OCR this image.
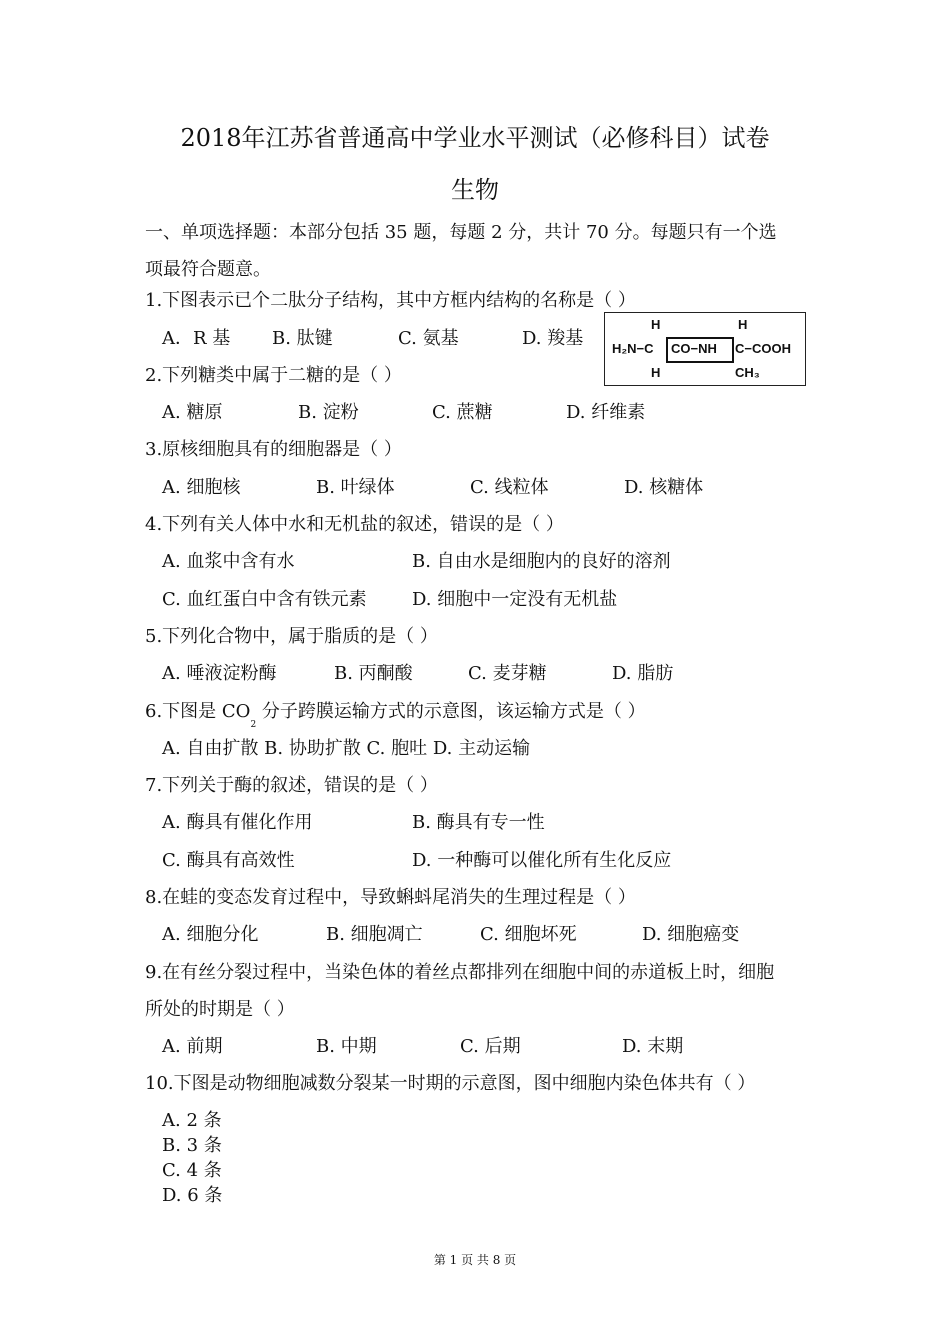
2018年江苏省普通高中学业水平测试（必修科目）试卷
生物
一、单项选择题：本部分包括 35 题，每题 2 分，共计 70 分。每题只有一个选
项最符合题意。
1.下图表示已个二肽分子结构，其中方框内结构的名称是（ ）
A．R 基 B. 肽键	C. 氨基	D. 羧基
H	H
H₂N−C CO−NH C−COOH
H	CH₃
2.下列糖类中属于二糖的是（ ）
A. 糖原	B. 淀粉	C. 蔗糖	D. 纤维素
3.原核细胞具有的细胞器是（ ）
A. 细胞核	B. 叶绿体	C. 线粒体	D. 核糖体
4.下列有关人体中水和无机盐的叙述，错误的是（ ）
A. 血浆中含有水	B. 自由水是细胞内的良好的溶剂
C. 血红蛋白中含有铁元素	D. 细胞中一定没有无机盐
5.下列化合物中，属于脂质的是（ ）
A. 唾液淀粉酶	B. 丙酮酸	C. 麦芽糖	D. 脂肪
6.下图是 $CO_2$ 分子跨膜运输方式的示意图，该运输方式是（ ）
A. 自由扩散 B. 协助扩散 C. 胞吐 D. 主动运输
7.下列关于酶的叙述，错误的是（ ）
A. 酶具有催化作用	B. 酶具有专一性
C. 酶具有高效性	D. 一种酶可以催化所有生化反应
8.在蛙的变态发育过程中，导致蝌蚪尾消失的生理过程是（ ）
A. 细胞分化	B. 细胞凋亡	C. 细胞坏死	D. 细胞癌变
9.在有丝分裂过程中，当染色体的着丝点都排列在细胞中间的赤道板上时，细胞
所处的时期是（ ）
A. 前期	B. 中期	C. 后期	D. 末期
10.下图是动物细胞减数分裂某一时期的示意图，图中细胞内染色体共有（ ）
A. 2 条
B. 3 条
C. 4 条
D. 6 条
第 1 页 共 8 页
